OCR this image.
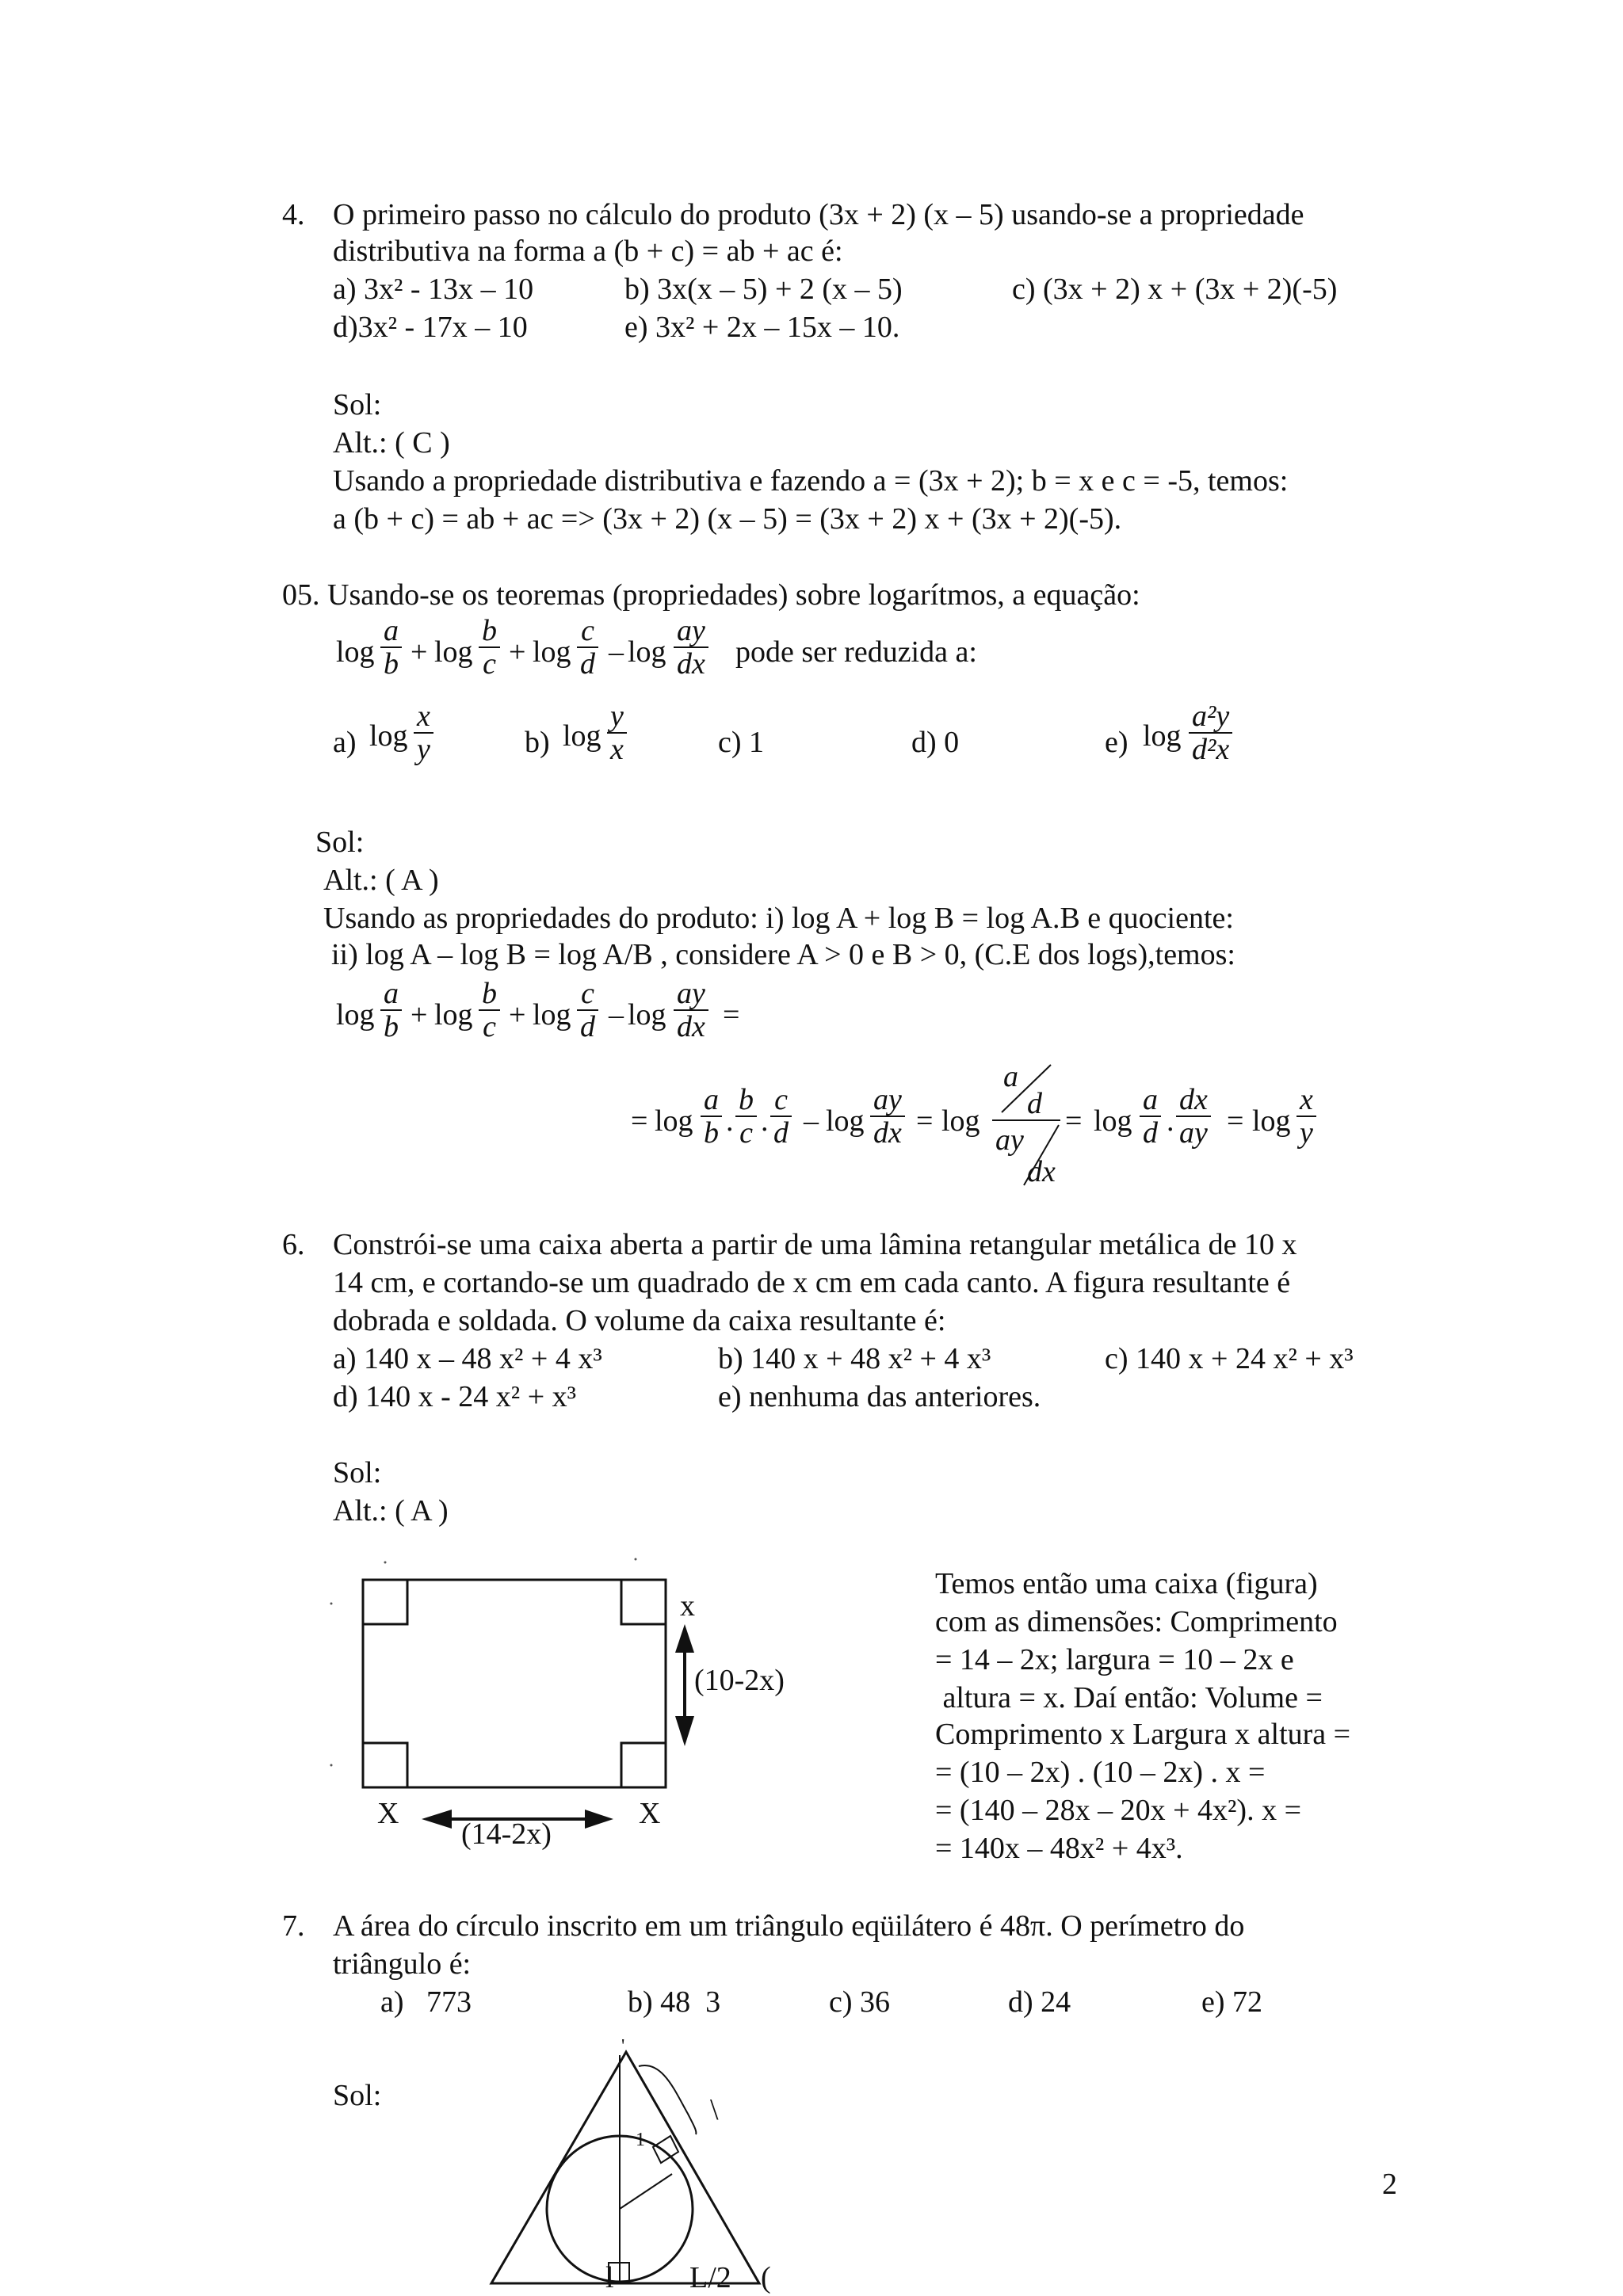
4. O primeiro passo no cálculo do produto (3x + 2) (x – 5) usando-se a propriedade
distributiva na forma a (b + c) = ab + ac é:
a) 3x² - 13x – 10	b) 3x(x – 5) + 2 (x – 5)	c) (3x + 2) x + (3x + 2)(-5)
d)3x² - 17x – 10	e) 3x² + 2x – 15x – 10.
Sol:
Alt.: ( C )
Usando a propriedade distributiva e fazendo a = (3x + 2); b = x e c = -5, temos:
a (b + c) = ab + ac => (3x + 2) (x – 5) = (3x + 2) x + (3x + 2)(-5).
05. Usando-se os teoremas (propriedades) sobre logarítmos, a equação:
$\log \frac{a}{b} + \log \frac{b}{c} + \log \frac{c}{d} - \log \frac{ay}{dx}$ pode ser reduzida a:
a) $\log \frac{x}{y}$	b) $\log \frac{y}{x}$	c) 1	d) 0	e) $\log \frac{\text{a²y}}{\text{d²x}}$
Sol:
Alt.: ( A )
Usando as propriedades do produto: i) log A + log B = log A.B e quociente:
ii) log A – log B = log A/B , considere A > 0 e B > 0, (C.E dos logs),temos:
$\log \frac{a}{b} + \log \frac{b}{c} + \log \frac{c}{d} - \log \frac{ay}{dx}$ =
= $\log \frac{a}{b}$ . $\frac{b}{c}$ . $\frac{c}{d} - \log \frac{ay}{dx} = \log$
a
d
ay
dx
= $\log \frac{a}{d}$ . $\frac{dx}{ay} = \log \frac{x}{y}$
6. Constrói-se uma caixa aberta a partir de uma lâmina retangular metálica de 10 x
14 cm, e cortando-se um quadrado de x cm em cada canto. A figura resultante é
dobrada e soldada. O volume da caixa resultante é:
a) 140 x – 48 x² + 4 x³	b) 140 x + 48 x² + 4 x³	c) 140 x + 24 x² + x³
d) 140 x - 24 x² + x³	e) nenhuma das anteriores.
Sol:
Alt.: ( A )
x
X	X
(10-2x)
(14-2x)
Temos então uma caixa (figura)
com as dimensões: Comprimento
= 14 – 2x; largura = 10 – 2x e
altura = x. Daí então: Volume =
Comprimento x Largura x altura =
= (10 – 2x) . (10 – 2x) . x =
= (140 – 28x – 20x + 4x²). x =
= 140x – 48x² + 4x³.
7. A área do círculo inscrito em um triângulo eqüilátero é 48π. O perímetro do
triângulo é:
a)   773	b) 48  3	c) 36	d) 24	e) 72
Sol:
1
\
'
l	L/2 (
2
